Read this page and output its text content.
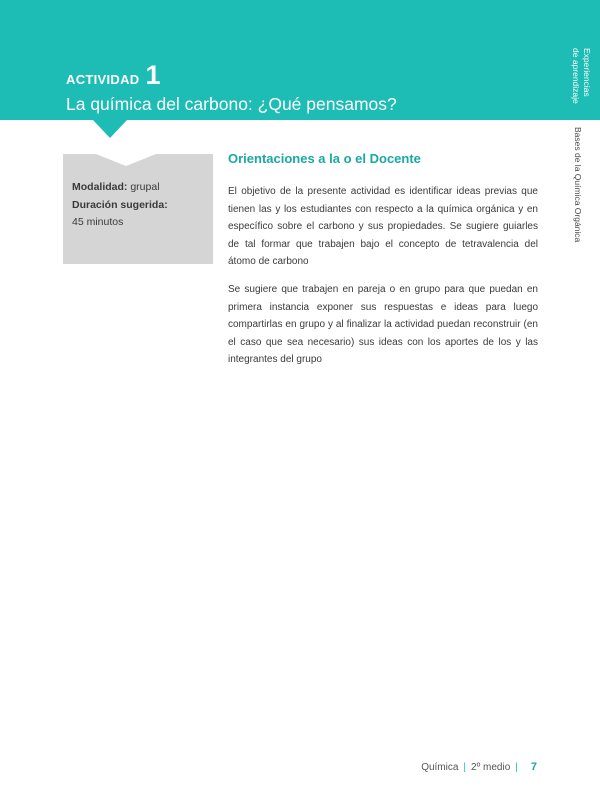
ACTIVIDAD 1
La química del carbono: ¿Qué pensamos?
Experiencias
de aprendizaje
Bases de la Química Orgánica
Modalidad: grupal
Duración sugerida:
45 minutos
Orientaciones a la o el Docente

El objetivo de la presente actividad es identificar ideas previas que tienen las y los estudiantes con respecto a la química orgánica y en específico sobre el carbono y sus propiedades. Se sugiere guiarles de tal formar que trabajen bajo el concepto de tetravalencia del átomo de carbono

Se sugiere que trabajen en pareja o en grupo para que puedan en primera instancia exponer sus respuestas e ideas para luego compartirlas en grupo y al finalizar la actividad puedan reconstruir (en el caso que sea necesario) sus ideas con los aportes de los y las integrantes del grupo

Química | 2º medio | 7
